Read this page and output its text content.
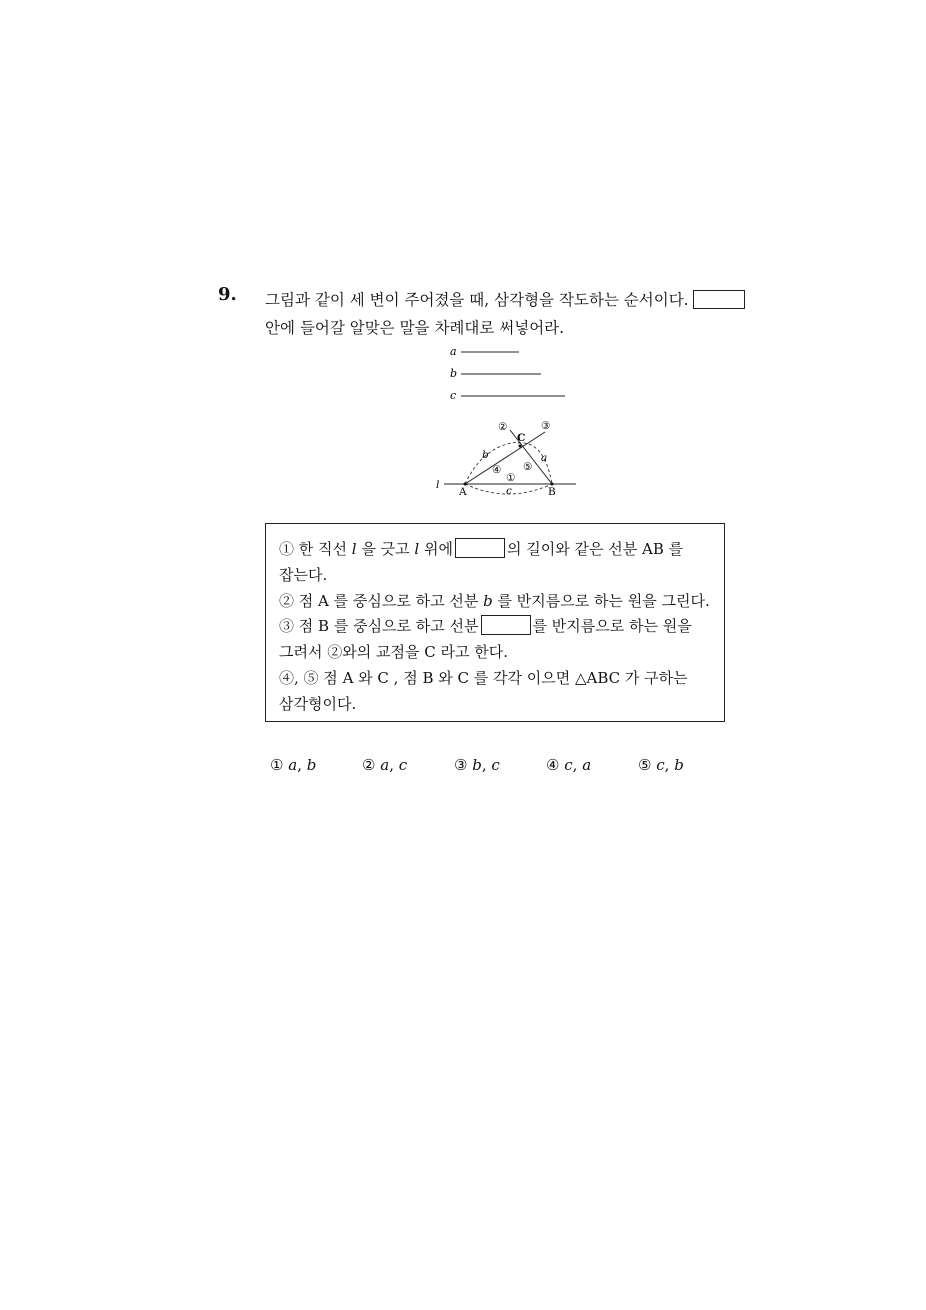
9. 그림과 같이 세 변이 주어졌을 때, 삼각형을 작도하는 순서이다.
안에 들어갈 알맞은 말을 차례대로 써넣어라.
a
b
c
l
A	B
C
a
b
c
①
②	③
④ ⑤

① 한 직선 l 을 긋고 l 위에	의 길이와 같은 선분 AB 를
잡는다.

② 점 A 를 중심으로 하고 선분 b 를 반지름으로 하는 원을 그린다.

③ 점 B 를 중심으로 하고 선분	를 반지름으로 하는 원을
그려서 ②와의 교점을 C 라고 한다.

④, ⑤ 점 A 와 C , 점 B 와 C 를 각각 이으면 △ABC 가 구하는
삼각형이다.

① a, b	② a, c	③ b, c	④ c, a	⑤ c, b
